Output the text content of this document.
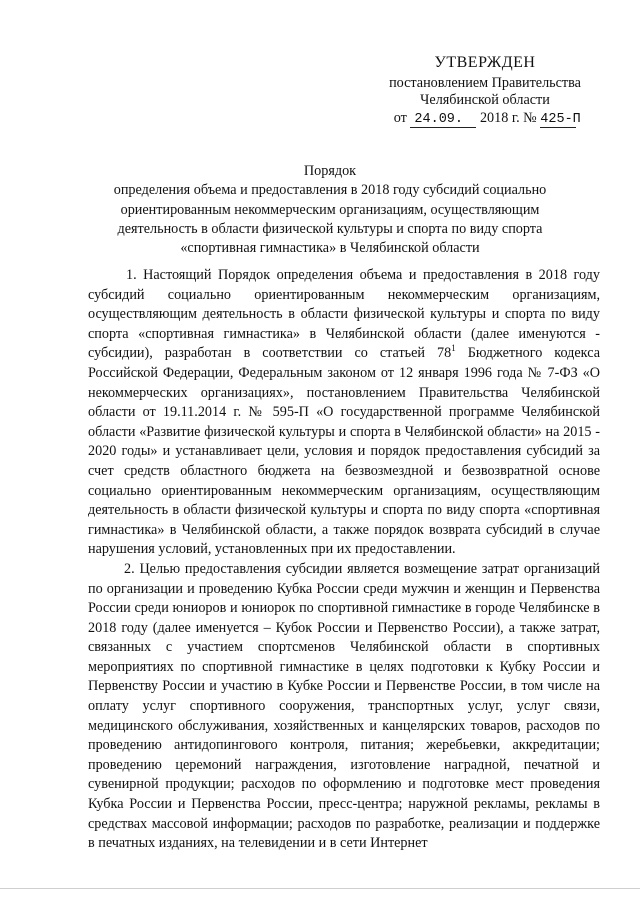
УТВЕРЖДЕН
постановлением Правительства
Челябинской области
от 24.09. 2018 г. № 425-П
Порядок
определения объема и предоставления в 2018 году субсидий социально
ориентированным некоммерческим организациям, осуществляющим
деятельность в области физической культуры и спорта по виду спорта
«спортивная гимнастика» в Челябинской области

1. Настоящий Порядок определения объема и предоставления в 2018 году субсидий социально ориентированным некоммерческим организациям, осуществляющим деятельность в области физической культуры и спорта по виду спорта «спортивная гимнастика» в Челябинской области (далее именуются - субсидии), разработан в соответствии со статьей $78^1$ Бюджетного кодекса Российской Федерации, Федеральным законом от 12 января 1996 года № 7-ФЗ «О некоммерческих организациях», постановлением Правительства Челябинской области от 19.11.2014 г. № 595-П «О государственной программе Челябинской области «Развитие физической культуры и спорта в Челябинской области» на 2015 - 2020 годы» и устанавливает цели, условия и порядок предоставления субсидий за счет средств областного бюджета на безвозмездной и безвозвратной основе социально ориентированным некоммерческим организациям, осуществляющим деятельность в области физической культуры и спорта по виду спорта «спортивная гимнастика» в Челябинской области, а также порядок возврата субсидий в случае нарушения условий, установленных при их предоставлении.

2. Целью предоставления субсидии является возмещение затрат организаций по организации и проведению Кубка России среди мужчин и женщин и Первенства России среди юниоров и юниорок по спортивной гимнастике в городе Челябинске в 2018 году (далее именуется – Кубок России и Первенство России), а также затрат, связанных с участием спортсменов Челябинской области в спортивных мероприятиях по спортивной гимнастике в целях подготовки к Кубку России и Первенству России и участию в Кубке России и Первенстве России, в том числе на оплату услуг спортивного сооружения, транспортных услуг, услуг связи, медицинского обслуживания, хозяйственных и канцелярских товаров, расходов по проведению антидопингового контроля, питания; жеребьевки, аккредитации; проведению церемоний награждения, изготовление наградной, печатной и сувенирной продукции; расходов по оформлению и подготовке мест проведения Кубка России и Первенства России, пресс-центра; наружной рекламы, рекламы в средствах массовой информации; расходов по разработке, реализации и поддержке в печатных изданиях, на телевидении и в сети Интернет
